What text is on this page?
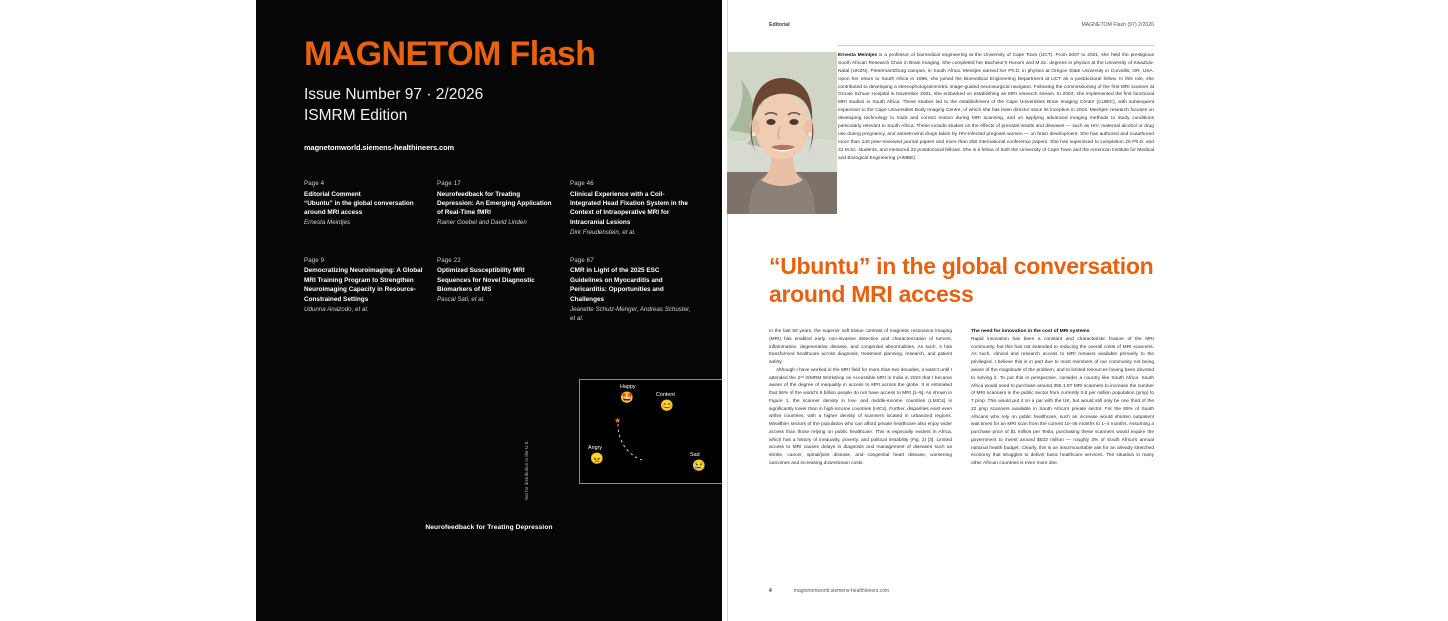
Not for distribution in the U.S.
MAGNETOM Flash
Issue Number 97 · 2/2026
ISMRM Edition
magnetomworld.siemens-healthineers.com
Page 4
Editorial Comment
“Ubuntu” in the global conversation around MRI access
Ernesta Meintjes
Page 17
Neurofeedback for Treating Depression: An Emerging Application of Real-Time fMRI
Rainer Goebel and David Linden
Page 46
Clinical Experience with a Coil-Integrated Head Fixation System in the Context of Intraoperative MRI for Intracranial Lesions
Dirk Freudenstein, et al.
Page 9
Democratizing Neuroimaging: A Global MRI Training Program to Strengthen Neuroimaging Capacity in Resource-Constrained Settings
Udunna Anazodo, et al.
Page 22
Optimized Susceptibility MRI Sequences for Novel Diagnostic Biomarkers of MS
Pascal Sati, et al.
Page 67
CMR in Light of the 2025 ESC Guidelines on Myocarditis and Pericarditis: Opportunities and Challenges
Jeanette Schulz-Menger, Andreas Schuster, et al.
Happy
🤩	Content
😊
Angry
😠	Sad
😢
★
Neurofeedback for Treating Depression
Editorial	MAGNETOM Flash (97) 2/2026
Ernesta Meintjes is a professor of biomedical engineering at the University of Cape Town (UCT). From 2007 to 2021, she held the prestigious South African Research Chair in Brain Imaging. She completed her Bachelor's Honors and M.Sc. degrees in physics at the University of KwaZulu-Natal (UKZN), Pietermaritzburg campus, in South Africa. Meintjes earned her Ph.D. in physics at Oregon State University in Corvallis, OR, USA. Upon her return to South Africa in 1998, she joined the Biomedical Engineering Department at UCT as a postdoctoral fellow. In this role, she contributed to developing a stereophotogrammetric image-guided neurosurgical navigator. Following the commissioning of the first MRI scanner at Groote Schuur Hospital in November 2001, she embarked on establishing an MRI research stream. In 2004, she implemented the first functional MRI studies in South Africa. These studies led to the establishment of the Cape Universities Brain Imaging Centre (CUBIC), with subsequent expansion to the Cape Universities Body Imaging Centre, of which she has been director since its inception in 2015. Meintjes’ research focuses on developing technology to track and correct motion during MRI scanning, and on applying advanced imaging methods to study conditions particularly relevant to South Africa. These include studies on the effects of prenatal insults and diseases — such as HIV, maternal alcohol or drug use during pregnancy, and antiretroviral drugs taken by HIV-infected pregnant women — on brain development. She has authored and coauthored more than 140 peer-reviewed journal papers and more than 250 international conference papers. She has supervised to completion 26 Ph.D. and 31 M.Sc. students, and mentored 22 postdoctoral fellows. She is a fellow of both the University of Cape Town and the American Institute for Medical and Biological Engineering (AIMBE).
“Ubuntu” in the global conversation around MRI access

In the last 50 years, the superior soft tissue contrast of magnetic resonance imaging (MRI) has enabled early, non-invasive detection and characterization of tumors, inflammation, degenerative disease, and congenital abnormalities. As such, it has transformed healthcare across diagnosis, treatment planning, research, and patient safety.

Although I have worked in the MRI field for more than two decades, it wasn’t until I attended the 2ⁿᵈ ISMRM Workshop on Accessible MRI in India in 2024 that I became aware of the degree of inequality in access to MRI across the globe. It is estimated that 66% of the world’s 8 billion people do not have access to MRI [1–9]. As shown in Figure 1, the scanner density in low- and middle-income countries (LMICs) is significantly lower than in high-income countries (HICs). Further, disparities exist even within countries, with a higher density of scanners located in urbanized regions. Wealthier sectors of the population who can afford private healthcare also enjoy wider access than those relying on public healthcare. This is especially evident in Africa, which has a history of inequality, poverty, and political instability (Fig. 2) [3]. Limited access to MRI causes delays in diagnosis and management of diseases such as stroke, cancer, spinal/joint disease, and congenital heart disease, worsening outcomes and increasing downstream costs.

The need for innovation in the cost of MRI systems

Rapid innovation has been a constant and characteristic feature of the MRI community, but this has not extended to reducing the overall costs of MRI scanners. As such, clinical and research access to MRI remains available primarily to the privileged. I believe this is in part due to most members of our community not being aware of the magnitude of the problem, and to limited resources having been devoted to solving it. To put this in perspective, consider a country like South Africa. South Africa would need to purchase around 355 1.5T MRI scanners to increase the number of MRI scanners in the public sector from currently 0.6 per million population (pmp) to 7 pmp. This would put it on a par with the UK, but would still only be one third of the 22 pmp scanners available in South Africa’s private sector. For the 85% of South Africans who rely on public healthcare, such an increase would shorten outpatient wait times for an MRI scan from the current 10–48 months to 1–4 months. Assuming a purchase price of $1 million per Tesla, purchasing these scanners would require the government to invest around $533 million — roughly 3% of South Africa’s annual national health budget. Clearly, this is an insurmountable ask for an already stretched economy that struggles to deliver basic healthcare services. The situation in many other African countries is even more dire.

4	magnetomworld.siemens-healthineers.com
